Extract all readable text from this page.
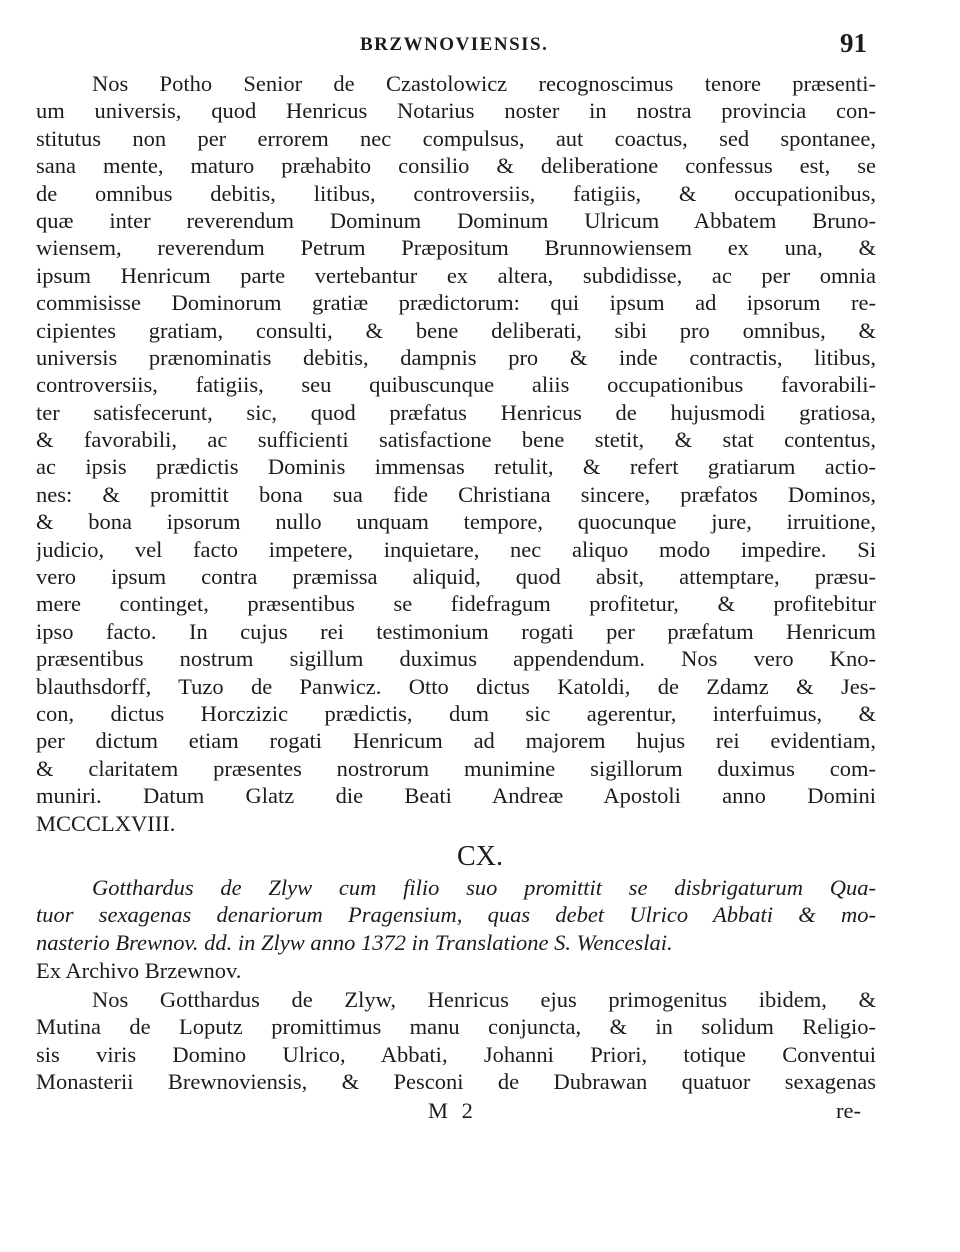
BRZWNOVIENSIS.	91
Nos Potho Senior de Czastolowicz recognoscimus tenore præsenti-
um universis, quod Henricus Notarius noster in nostra provincia con-
stitutus non per errorem nec compulsus, aut coactus, sed spontanee,
sana mente, maturo præhabito consilio & deliberatione confessus est, se
de omnibus debitis, litibus, controversiis, fatigiis, & occupationibus,
quæ inter reverendum Dominum Dominum Ulricum Abbatem Bruno-
wiensem, reverendum Petrum Præpositum Brunnowiensem ex una, &
ipsum Henricum parte vertebantur ex altera, subdidisse, ac per omnia
commisisse Dominorum gratiæ prædictorum: qui ipsum ad ipsorum re-
cipientes gratiam, consulti, & bene deliberati, sibi pro omnibus, &
universis prænominatis debitis, dampnis pro & inde contractis, litibus,
controversiis, fatigiis, seu quibuscunque aliis occupationibus favorabili-
ter satisfecerunt, sic, quod præfatus Henricus de hujusmodi gratiosa,
& favorabili, ac sufficienti satisfactione bene stetit, & stat contentus,
ac ipsis prædictis Dominis immensas retulit, & refert gratiarum actio-
nes: & promittit bona sua fide Christiana sincere, præfatos Dominos,
& bona ipsorum nullo unquam tempore, quocunque jure, irruitione,
judicio, vel facto impetere, inquietare, nec aliquo modo impedire. Si
vero ipsum contra præmissa aliquid, quod absit, attemptare, præsu-
mere continget, præsentibus se fidefragum profitetur, & profitebitur
ipso facto. In cujus rei testimonium rogati per præfatum Henricum
præsentibus nostrum sigillum duximus appendendum. Nos vero Kno-
blauthsdorff, Tuzo de Panwicz. Otto dictus Katoldi, de Zdamz & Jes-
con, dictus Horczizic prædictis, dum sic agerentur, interfuimus, &
per dictum etiam rogati Henricum ad majorem hujus rei evidentiam,
& claritatem præsentes nostrorum munimine sigillorum duximus com-
muniri. Datum Glatz die Beati Andreæ Apostoli anno Domini
MCCCLXVIII.
CX.
Gotthardus de Zlyw cum filio suo promittit se disbrigaturum Qua-
tuor sexagenas denariorum Pragensium, quas debet Ulrico Abbati & mo-
nasterio Brewnov. dd. in Zlyw anno 1372 in Translatione S. Wenceslai.
Ex Archivo Brzewnov.
Nos Gotthardus de Zlyw, Henricus ejus primogenitus ibidem, &
Mutina de Loputz promittimus manu conjuncta, & in solidum Religio-
sis viris Domino Ulrico, Abbati, Johanni Priori, totique Conventui
Monasterii Brewnoviensis, & Pesconi de Dubrawan quatuor sexagenas
M 2	re-
